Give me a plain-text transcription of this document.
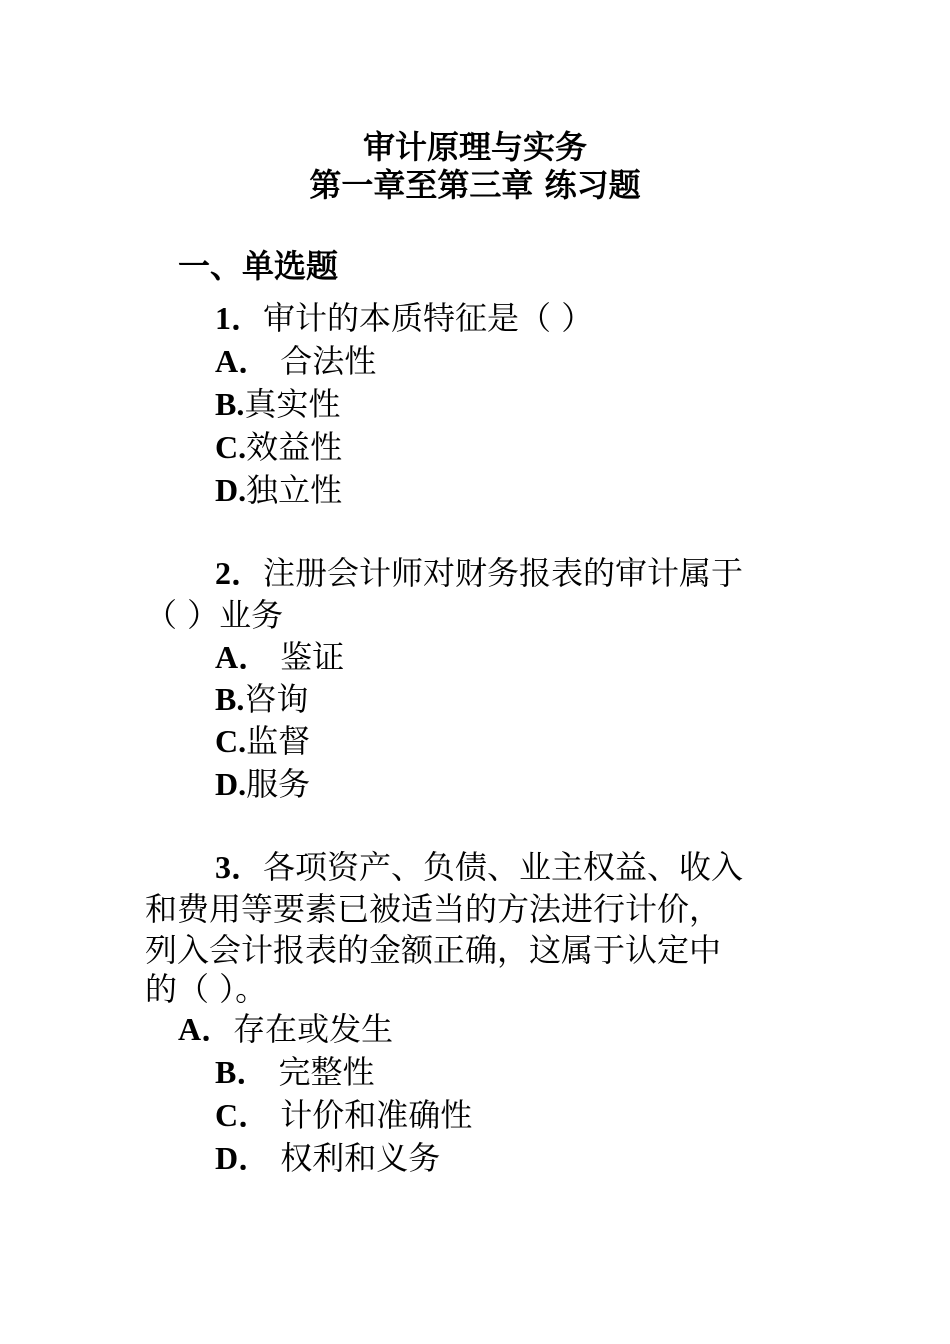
审计原理与实务
第一章至第三章 练习题
一、单选题
1．审计的本质特征是（ ）
A． 合法性
B.真实性
C.效益性
D.独立性
2．注册会计师对财务报表的审计属于
（ ）业务
A． 鉴证
B.咨询
C.监督
D.服务
3．各项资产、负债、业主权益、收入
和费用等要素已被适当的方法进行计价，
列入会计报表的金额正确，这属于认定中
的（ ）。
A．存在或发生
B． 完整性
C． 计价和准确性
D． 权利和义务
